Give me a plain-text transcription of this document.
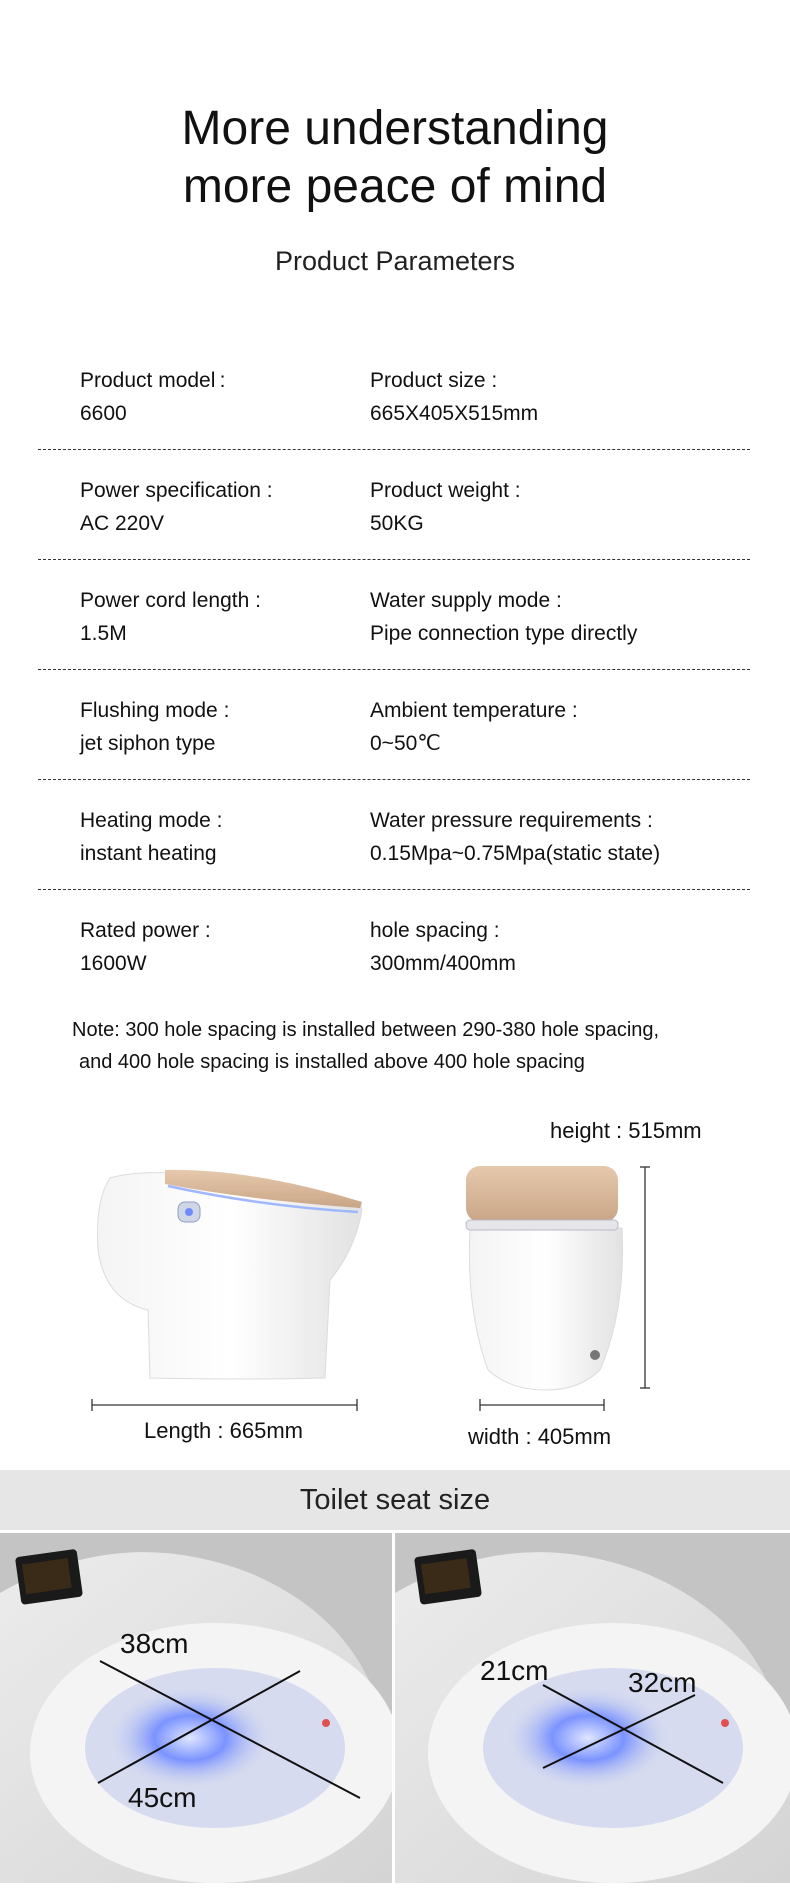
More understanding
more peace of mind
Product Parameters
Product model :
6600
Product size :
665X405X515mm
Power specification :
AC 220V
Product weight :
50KG
Power cord length :
1.5M
Water supply mode :
Pipe connection type directly
Flushing mode :
jet siphon type
Ambient temperature :
0~50℃
Heating mode :
instant heating
Water pressure requirements :
0.15Mpa~0.75Mpa(static state)
Rated power :
1600W
hole spacing :
300mm/400mm
Note: 300 hole spacing is installed between 290-380 hole spacing,
and 400 hole spacing is installed above 400 hole spacing
height : 515mm
Length : 665mm	width : 405mm
Toilet seat size
38cm
45cm
21cm	32cm
